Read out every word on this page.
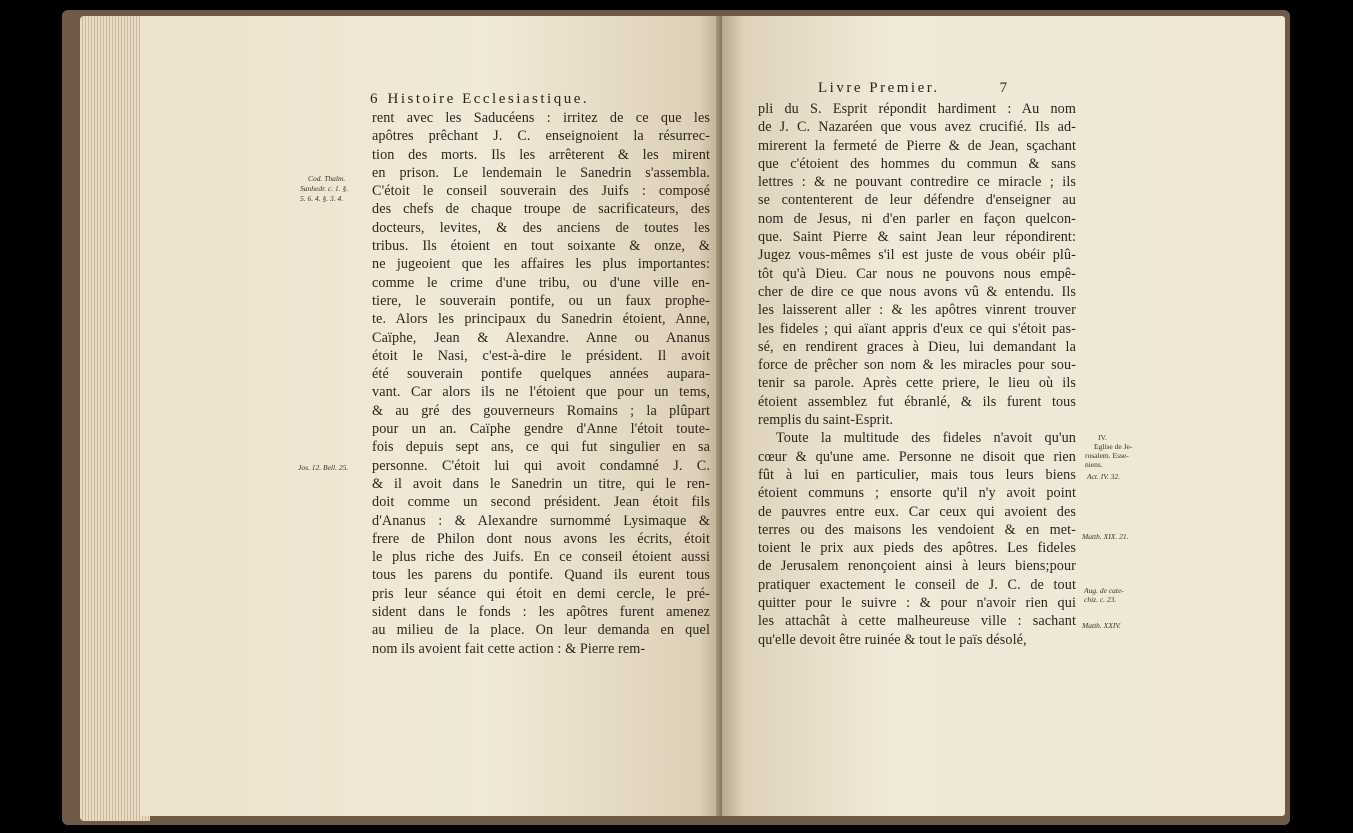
6 Histoire Ecclesiastique.
rent avec les Saducéens : irritez de ce que les
apôtres prêchant J. C. enseignoient la résurrec-
tion des morts. Ils les arrêterent & les mirent
en prison. Le lendemain le Sanedrin s'assembla.
C'étoit le conseil souverain des Juifs : composé
des chefs de chaque troupe de sacrificateurs, des
docteurs, levites, & des anciens de toutes les
tribus. Ils étoient en tout soixante & onze, &
ne jugeoient que les affaires les plus importantes:
comme le crime d'une tribu, ou d'une ville en-
tiere, le souverain pontife, ou un faux prophe-
te. Alors les principaux du Sanedrin étoient, Anne,
Caïphe, Jean & Alexandre. Anne ou Ananus
étoit le Nasi, c'est-à-dire le président. Il avoit
été souverain pontife quelques années aupara-
vant. Car alors ils ne l'étoient que pour un tems,
& au gré des gouverneurs Romains ; la plûpart
pour un an. Caïphe gendre d'Anne l'étoit toute-
fois depuis sept ans, ce qui fut singulier en sa
personne. C'étoit lui qui avoit condamné J. C.
& il avoit dans le Sanedrin un titre, qui le ren-
doit comme un second président. Jean étoit fils
d'Ananus : & Alexandre surnommé Lysimaque &
frere de Philon dont nous avons les écrits, étoit
le plus riche des Juifs. En ce conseil étoient aussi
tous les parens du pontife. Quand ils eurent tous
pris leur séance qui étoit en demi cercle, le pré-
sident dans le fonds : les apôtres furent amenez
au milieu de la place. On leur demanda en quel
nom ils avoient fait cette action : & Pierre rem-
Cod. Thalm.
Sanhedr. c. 1. §.
5. 6. 4. §. 3. 4.
Jos. 12. Bell. 25.
Livre Premier.	7
pli du S. Esprit répondit hardiment : Au nom
de J. C. Nazaréen que vous avez crucifié. Ils ad-
mirerent la fermeté de Pierre & de Jean, sçachant
que c'étoient des hommes du commun & sans
lettres : & ne pouvant contredire ce miracle ; ils
se contenterent de leur défendre d'enseigner au
nom de Jesus, ni d'en parler en façon quelcon-
que. Saint Pierre & saint Jean leur répondirent:
Jugez vous-mêmes s'il est juste de vous obéir plû-
tôt qu'à Dieu. Car nous ne pouvons nous empê-
cher de dire ce que nous avons vû & entendu. Ils
les laisserent aller : & les apôtres vinrent trouver
les fideles ; qui aïant appris d'eux ce qui s'étoit pas-
sé, en rendirent graces à Dieu, lui demandant la
force de prêcher son nom & les miracles pour sou-
tenir sa parole. Après cette priere, le lieu où ils
étoient assemblez fut ébranlé, & ils furent tous
remplis du saint-Esprit.
Toute la multitude des fideles n'avoit qu'un
cœur & qu'une ame. Personne ne disoit que rien
fût à lui en particulier, mais tous leurs biens
étoient communs ; ensorte qu'il n'y avoit point
de pauvres entre eux. Car ceux qui avoient des
terres ou des maisons les vendoient & en met-
toient le prix aux pieds des apôtres. Les fideles
de Jerusalem renonçoient ainsi à leurs biens;pour
pratiquer exactement le conseil de J. C. de tout
quitter pour le suivre : & pour n'avoir rien qui
les attachât à cette malheureuse ville : sachant
qu'elle devoit être ruinée & tout le païs désolé,
IV.
Eglise de Je-
rusalem. Esse-
niens.
Act. IV. 32.
Matth. XIX. 21.
Aug. de cate-
chiz. c. 23.
Matth. XXIV.
